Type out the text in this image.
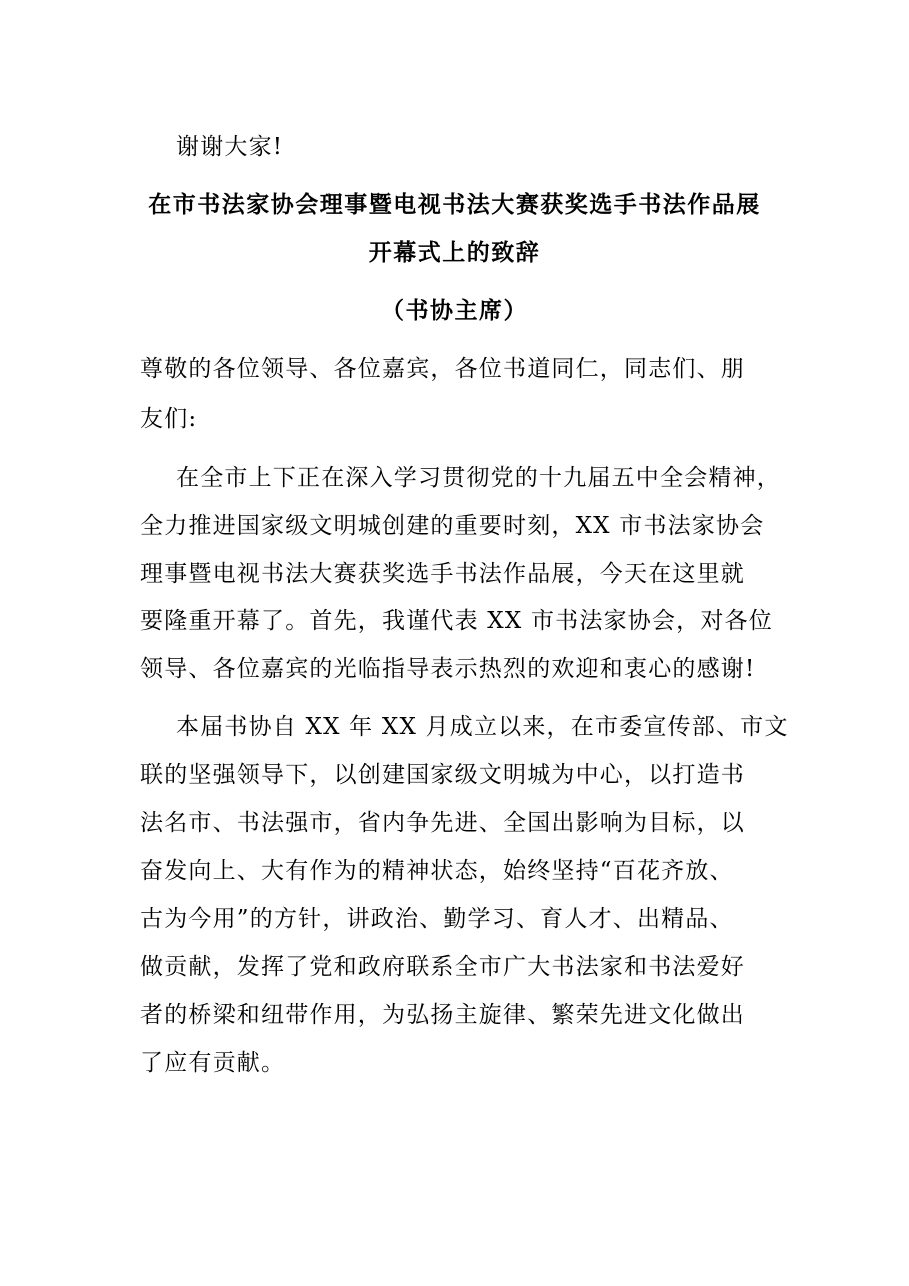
谢谢大家!
在市书法家协会理事暨电视书法大赛获奖选手书法作品展
开幕式上的致辞
（书协主席）
尊敬的各位领导、各位嘉宾，各位书道同仁，同志们、朋
友们:
在全市上下正在深入学习贯彻党的十九届五中全会精神，
全力推进国家级文明城创建的重要时刻，XX 市书法家协会
理事暨电视书法大赛获奖选手书法作品展，今天在这里就
要隆重开幕了。首先，我谨代表 XX 市书法家协会，对各位
领导、各位嘉宾的光临指导表示热烈的欢迎和衷心的感谢!
本届书协自 XX 年 XX 月成立以来，在市委宣传部、市文
联的坚强领导下，以创建国家级文明城为中心，以打造书
法名市、书法强市，省内争先进、全国出影响为目标，以
奋发向上、大有作为的精神状态，始终坚持“百花齐放、
古为今用”的方针，讲政治、勤学习、育人才、出精品、
做贡献，发挥了党和政府联系全市广大书法家和书法爱好
者的桥梁和纽带作用，为弘扬主旋律、繁荣先进文化做出
了应有贡献。
